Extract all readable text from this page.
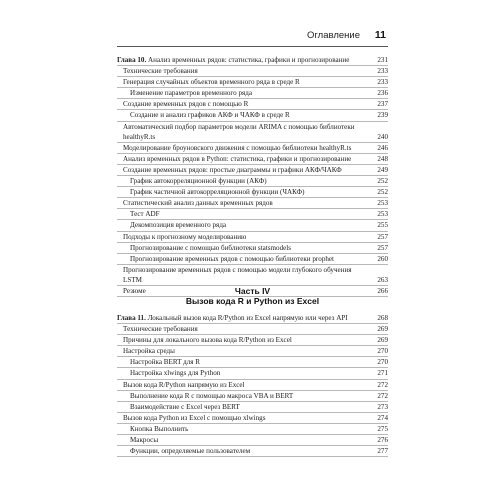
Оглавление 11
Глава 10. Анализ временных рядов: статистика, графики и прогнозирование	231
Технические требования	233
Генерация случайных объектов временного ряда в среде R	233
Изменение параметров временного ряда	236
Создание временных рядов с помощью R	237
Создание и анализ графиков АКФ и ЧАКФ в среде R	239
Автоматический подбор параметров модели ARIMA с помощью библиотеки healthyR.ts	240
Моделирование броуновского движения с помощью библиотеки healthyR.ts	246
Анализ временных рядов в Python: статистика, графики и прогнозирование	248
Создание временных рядов: простые диаграммы и графики АКФ/ЧАКФ	249
График автокорреляционной функции (АКФ)	252
График частичной автокорреляционной функции (ЧАКФ)	252
Статистический анализ данных временных рядов	253
Тест ADF	253
Декомпозиция временного ряда	255
Подходы к прогнозному моделированию	257
Прогнозирование с помощью библиотеки statsmodels	257
Прогнозирование временных рядов с помощью библиотеки prophet	260
Прогнозирование временных рядов с помощью модели глубокого обучения LSTM	263
Резюме	266
Часть IV
Вызов кода R и Python из Excel
Глава 11. Локальный вызов кода R/Python из Excel напрямую или через API	268
Технические требования	269
Причины для локального вызова кода R/Python из Excel	269
Настройка среды	270
Настройка BERT для R	270
Настройка xlwings для Python	271
Вызов кода R/Python напрямую из Excel	272
Выполнение кода R с помощью макроса VBA и BERT	272
Взаимодействие с Excel через BERT	273
Вызов кода Python из Excel с помощью xlwings	274
Кнопка Выполнить	275
Макросы	276
Функции, определяемые пользователем	277
